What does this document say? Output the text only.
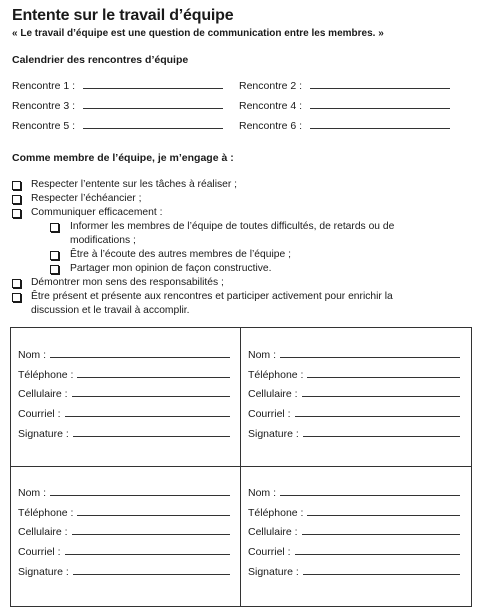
Entente sur le travail d’équipe
« Le travail d’équipe est une question de communication entre les membres. »
Calendrier des rencontres d’équipe
Rencontre 1 :	Rencontre 2 :
Rencontre 3 :	Rencontre 4 :
Rencontre 5 :	Rencontre 6 :
Comme membre de l’équipe, je m’engage à :
Respecter l’entente sur les tâches à réaliser ;
Respecter l’échéancier ;
Communiquer efficacement :
Informer les membres de l’équipe de toutes difficultés, de retards ou de
modifications ;
Être à l’écoute des autres membres de l’équipe ;
Partager mon opinion de façon constructive.
Démontrer mon sens des responsabilités ;
Être présent et présente aux rencontres et participer activement pour enrichir la
discussion et le travail à accomplir.
Nom :
Téléphone :
Cellulaire :
Courriel :
Signature :
Nom :
Téléphone :
Cellulaire :
Courriel :
Signature :
Nom :
Téléphone :
Cellulaire :
Courriel :
Signature :
Nom :
Téléphone :
Cellulaire :
Courriel :
Signature :
